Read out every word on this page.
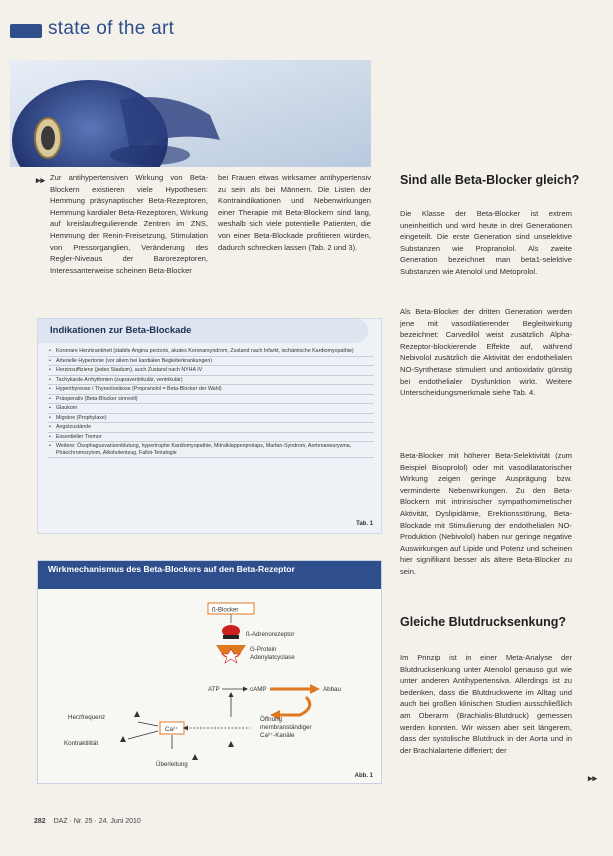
state of the art
▸▸ Zur antihypertensiven Wirkung von Beta-Blockern existieren viele Hypothesen: Hemmung präsynaptischer Beta-Rezeptoren, Hemmung kardialer Beta-Rezeptoren, Wirkung auf kreislaufregulierende Zentren im ZNS, Hemmung der Renin-Freisetzung, Stimulation von Pressorganglien, Veränderung des Regler-Niveaus der Barorezeptoren, Interessanterweise scheinen Beta-Blocker
bei Frauen etwas wirksamer antihypertensiv zu sein als bei Männern. Die Listen der Kontraindikationen und Nebenwirkungen einer Therapie mit Beta-Blockern sind lang, weshalb sich viele potentielle Patienten, die von einer Beta-Blockade profitieren würden, dadurch schrecken lassen (Tab. 2 und 3).
Sind alle Beta-Blocker gleich?
Die Klasse der Beta-Blocker ist extrem uneinheitlich und wird heute in drei Generationen eingeteilt. Die erste Generation sind unselektive Substanzen wie Propranolol. Als zweite Generation bezeichnet man beta1-selektive Substanzen wie Atenolol und Metoprolol.
Als Beta-Blocker der dritten Generation werden jene mit vasodilatierender Begleitwirkung bezeichnet: Carvedilol weist zusätzlich Alpha-Rezeptor-blockierende Effekte auf, während Nebivolol zusätzlich die Aktivität der endothelialen NO-Synthetase stimuliert und antioxidativ günstig bei endothelialer Dysfunktion wirkt. Weitere Unterscheidungsmerkmale siehe Tab. 4.
Beta-Blocker mit höherer Beta-Selektivität (zum Beispiel Bisoprolol) oder mit vasodilatatorischer Wirkung zeigen geringe Ausprägung bzw. verminderte Nebenwirkungen. Zu den Beta-Blockern mit intrinsischer sympathomimetischer Aktivität, Dyslipidämie, Erektionsstörung, Beta-Blockade mit Stimulierung der endothelialen NO-Produktion (Nebivolol) haben nur geringe negative Auswirkungen auf Lipide und Potenz und scheinen hier signifikant besser als ältere Beta-Blocker zu sein.
Gleiche Blutdrucksenkung?
Im Prinzip ist in einer Meta-Analyse der Blutdrucksenkung unter Atenolol genauso gut wie unter anderen Antihypertensiva. Allerdings ist zu bedenken, dass die Blutdruckwerte im Alltag und auch bei großen klinischen Studien ausschließlich am Oberarm (Brachialis-Blutdruck) gemessen werden konnten. Wir wissen aber seit längerem, dass der systolische Blutdruck in der Aorta und in der Brachialarterie differiert; der
▸▸
Indikationen zur Beta-Blockade
• Koronare Herzkrankheit (stabile Angina pectoris, akutes Koronarsyndrom, Zustand nach Infarkt, ischämische Kardiomyopathie)
• Arterielle Hypertonie (vor allem bei kardialen Begleiterkrankungen)
• Herzinsuffizienz (jedes Stadium), auch Zustand nach NYHA IV
• Tachykarde Arrhythmien (supraventrikulär, ventrikulär)
• Hyperthyreose / Thyreotoxikose (Propranolol = Beta-Blocker der Wahl)
• Präoperativ (Beta-Blocker sinnvoll)
• Glaukom
• Migräne (Prophylaxe)
• Angstzustände
• Essentieller Tremor
• Weitere: Ösophagusvarizenblutung, hypertrophe Kardiomyopathie, Mitralklappenprolaps, Marfan-Syndrom, Aortenaneurysma, Phäochromozytom, Alkoholentzug, Fallot-Tetralogie
Tab. 1
Wirkmechanismus des Beta-Blockers auf den Beta-Rezeptor
ß-Blocker
ß-Adrenorezeptor
G-Protein
Adenylatcyclase
ATP	cAMP	Abbau
Öffnung
membranständiger
Ca²⁺-Kanäle
Ca²⁺
Herzfrequenz
Kontraktilität
Überleitung
Abb. 1
282 DAZ · Nr. 25 · 24. Juni 2010
